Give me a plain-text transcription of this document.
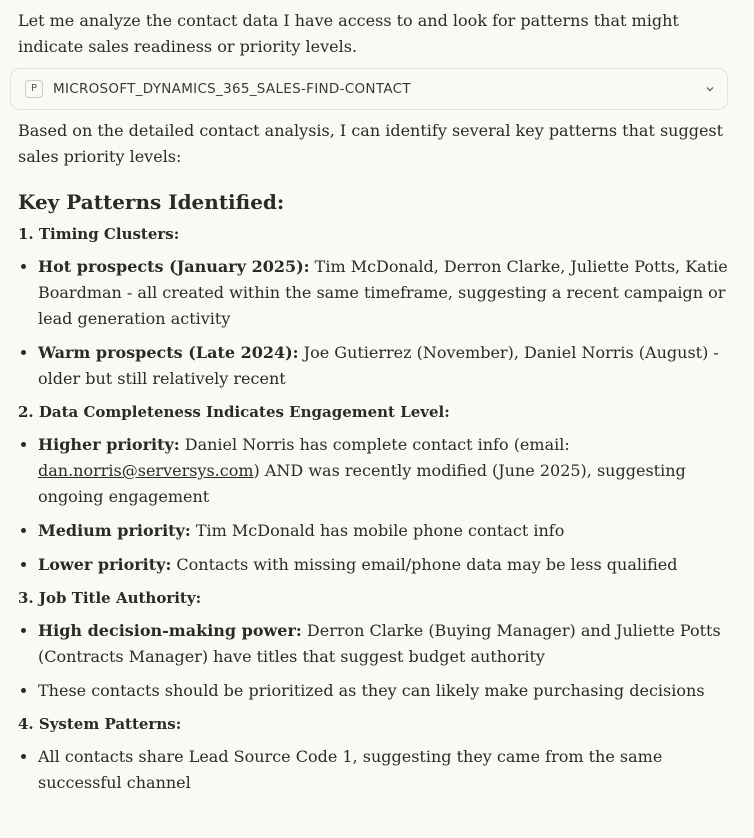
Let me analyze the contact data I have access to and look for patterns that might indicate sales readiness or priority levels.

P	MICROSOFT_DYNAMICS_365_SALES-FIND-CONTACT

Based on the detailed contact analysis, I can identify several key patterns that suggest sales priority levels:

Key Patterns Identified:
1. Timing Clusters:
• Hot prospects (January 2025): Tim McDonald, Derron Clarke, Juliette Potts, Katie Boardman - all created within the same timeframe, suggesting a recent campaign or lead generation activity
• Warm prospects (Late 2024): Joe Gutierrez (November), Daniel Norris (August) - older but still relatively recent
2. Data Completeness Indicates Engagement Level:
• Higher priority: Daniel Norris has complete contact info (email: dan.norris@serversys.com) AND was recently modified (June 2025), suggesting ongoing engagement
• Medium priority: Tim McDonald has mobile phone contact info
• Lower priority: Contacts with missing email/phone data may be less qualified
3. Job Title Authority:
• High decision-making power: Derron Clarke (Buying Manager) and Juliette Potts (Contracts Manager) have titles that suggest budget authority
• These contacts should be prioritized as they can likely make purchasing decisions
4. System Patterns:
• All contacts share Lead Source Code 1, suggesting they came from the same successful channel
